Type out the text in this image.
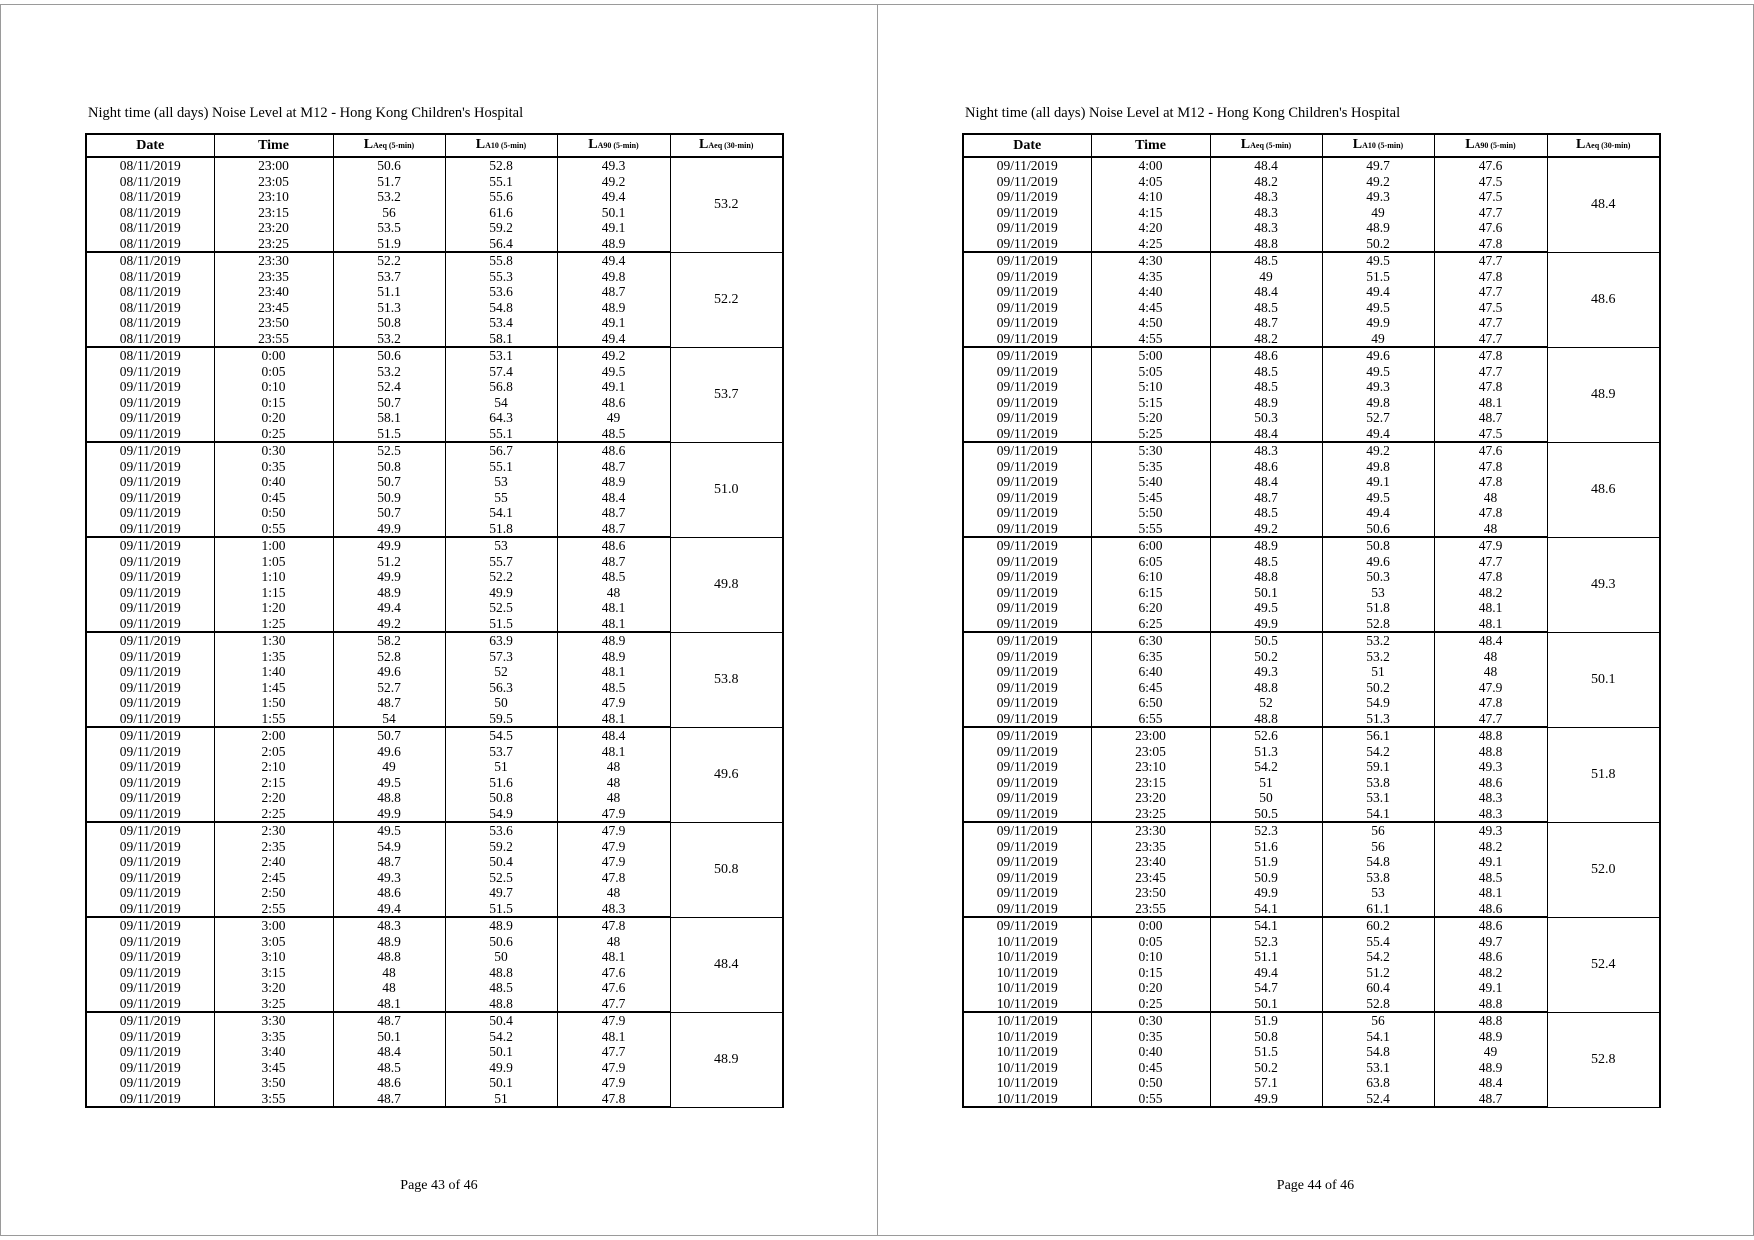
Night time (all days) Noise Level at M12 - Hong Kong Children's Hospital
Date	Time	LAeq (5-min)	LA10 (5-min)	LA90 (5-min)	LAeq (30-min)
08/11/2019	23:00	50.6	52.8	49.3	53.2
08/11/2019	23:05	51.7	55.1	49.2	
08/11/2019	23:10	53.2	55.6	49.4	
08/11/2019	23:15	56	61.6	50.1	
08/11/2019	23:20	53.5	59.2	49.1	
08/11/2019	23:25	51.9	56.4	48.9	
08/11/2019	23:30	52.2	55.8	49.4	52.2
08/11/2019	23:35	53.7	55.3	49.8	
08/11/2019	23:40	51.1	53.6	48.7	
08/11/2019	23:45	51.3	54.8	48.9	
08/11/2019	23:50	50.8	53.4	49.1	
08/11/2019	23:55	53.2	58.1	49.4	
08/11/2019	0:00	50.6	53.1	49.2	53.7
09/11/2019	0:05	53.2	57.4	49.5	
09/11/2019	0:10	52.4	56.8	49.1	
09/11/2019	0:15	50.7	54	48.6	
09/11/2019	0:20	58.1	64.3	49	
09/11/2019	0:25	51.5	55.1	48.5	
09/11/2019	0:30	52.5	56.7	48.6	51.0
09/11/2019	0:35	50.8	55.1	48.7	
09/11/2019	0:40	50.7	53	48.9	
09/11/2019	0:45	50.9	55	48.4	
09/11/2019	0:50	50.7	54.1	48.7	
09/11/2019	0:55	49.9	51.8	48.7	
09/11/2019	1:00	49.9	53	48.6	49.8
09/11/2019	1:05	51.2	55.7	48.7	
09/11/2019	1:10	49.9	52.2	48.5	
09/11/2019	1:15	48.9	49.9	48	
09/11/2019	1:20	49.4	52.5	48.1	
09/11/2019	1:25	49.2	51.5	48.1	
09/11/2019	1:30	58.2	63.9	48.9	53.8
09/11/2019	1:35	52.8	57.3	48.9	
09/11/2019	1:40	49.6	52	48.1	
09/11/2019	1:45	52.7	56.3	48.5	
09/11/2019	1:50	48.7	50	47.9	
09/11/2019	1:55	54	59.5	48.1	
09/11/2019	2:00	50.7	54.5	48.4	49.6
09/11/2019	2:05	49.6	53.7	48.1	
09/11/2019	2:10	49	51	48	
09/11/2019	2:15	49.5	51.6	48	
09/11/2019	2:20	48.8	50.8	48	
09/11/2019	2:25	49.9	54.9	47.9	
09/11/2019	2:30	49.5	53.6	47.9	50.8
09/11/2019	2:35	54.9	59.2	47.9	
09/11/2019	2:40	48.7	50.4	47.9	
09/11/2019	2:45	49.3	52.5	47.8	
09/11/2019	2:50	48.6	49.7	48	
09/11/2019	2:55	49.4	51.5	48.3	
09/11/2019	3:00	48.3	48.9	47.8	48.4
09/11/2019	3:05	48.9	50.6	48	
09/11/2019	3:10	48.8	50	48.1	
09/11/2019	3:15	48	48.8	47.6	
09/11/2019	3:20	48	48.5	47.6	
09/11/2019	3:25	48.1	48.8	47.7	
09/11/2019	3:30	48.7	50.4	47.9	48.9
09/11/2019	3:35	50.1	54.2	48.1	
09/11/2019	3:40	48.4	50.1	47.7	
09/11/2019	3:45	48.5	49.9	47.9	
09/11/2019	3:50	48.6	50.1	47.9	
09/11/2019	3:55	48.7	51	47.8	
Page 43 of 46
Night time (all days) Noise Level at M12 - Hong Kong Children's Hospital
Date	Time	LAeq (5-min)	LA10 (5-min)	LA90 (5-min)	LAeq (30-min)
09/11/2019	4:00	48.4	49.7	47.6	48.4
09/11/2019	4:05	48.2	49.2	47.5	
09/11/2019	4:10	48.3	49.3	47.5	
09/11/2019	4:15	48.3	49	47.7	
09/11/2019	4:20	48.3	48.9	47.6	
09/11/2019	4:25	48.8	50.2	47.8	
09/11/2019	4:30	48.5	49.5	47.7	48.6
09/11/2019	4:35	49	51.5	47.8	
09/11/2019	4:40	48.4	49.4	47.7	
09/11/2019	4:45	48.5	49.5	47.5	
09/11/2019	4:50	48.7	49.9	47.7	
09/11/2019	4:55	48.2	49	47.7	
09/11/2019	5:00	48.6	49.6	47.8	48.9
09/11/2019	5:05	48.5	49.5	47.7	
09/11/2019	5:10	48.5	49.3	47.8	
09/11/2019	5:15	48.9	49.8	48.1	
09/11/2019	5:20	50.3	52.7	48.7	
09/11/2019	5:25	48.4	49.4	47.5	
09/11/2019	5:30	48.3	49.2	47.6	48.6
09/11/2019	5:35	48.6	49.8	47.8	
09/11/2019	5:40	48.4	49.1	47.8	
09/11/2019	5:45	48.7	49.5	48	
09/11/2019	5:50	48.5	49.4	47.8	
09/11/2019	5:55	49.2	50.6	48	
09/11/2019	6:00	48.9	50.8	47.9	49.3
09/11/2019	6:05	48.5	49.6	47.7	
09/11/2019	6:10	48.8	50.3	47.8	
09/11/2019	6:15	50.1	53	48.2	
09/11/2019	6:20	49.5	51.8	48.1	
09/11/2019	6:25	49.9	52.8	48.1	
09/11/2019	6:30	50.5	53.2	48.4	50.1
09/11/2019	6:35	50.2	53.2	48	
09/11/2019	6:40	49.3	51	48	
09/11/2019	6:45	48.8	50.2	47.9	
09/11/2019	6:50	52	54.9	47.8	
09/11/2019	6:55	48.8	51.3	47.7	
09/11/2019	23:00	52.6	56.1	48.8	51.8
09/11/2019	23:05	51.3	54.2	48.8	
09/11/2019	23:10	54.2	59.1	49.3	
09/11/2019	23:15	51	53.8	48.6	
09/11/2019	23:20	50	53.1	48.3	
09/11/2019	23:25	50.5	54.1	48.3	
09/11/2019	23:30	52.3	56	49.3	52.0
09/11/2019	23:35	51.6	56	48.2	
09/11/2019	23:40	51.9	54.8	49.1	
09/11/2019	23:45	50.9	53.8	48.5	
09/11/2019	23:50	49.9	53	48.1	
09/11/2019	23:55	54.1	61.1	48.6	
09/11/2019	0:00	54.1	60.2	48.6	52.4
10/11/2019	0:05	52.3	55.4	49.7	
10/11/2019	0:10	51.1	54.2	48.6	
10/11/2019	0:15	49.4	51.2	48.2	
10/11/2019	0:20	54.7	60.4	49.1	
10/11/2019	0:25	50.1	52.8	48.8	
10/11/2019	0:30	51.9	56	48.8	52.8
10/11/2019	0:35	50.8	54.1	48.9	
10/11/2019	0:40	51.5	54.8	49	
10/11/2019	0:45	50.2	53.1	48.9	
10/11/2019	0:50	57.1	63.8	48.4	
10/11/2019	0:55	49.9	52.4	48.7	
Page 44 of 46
